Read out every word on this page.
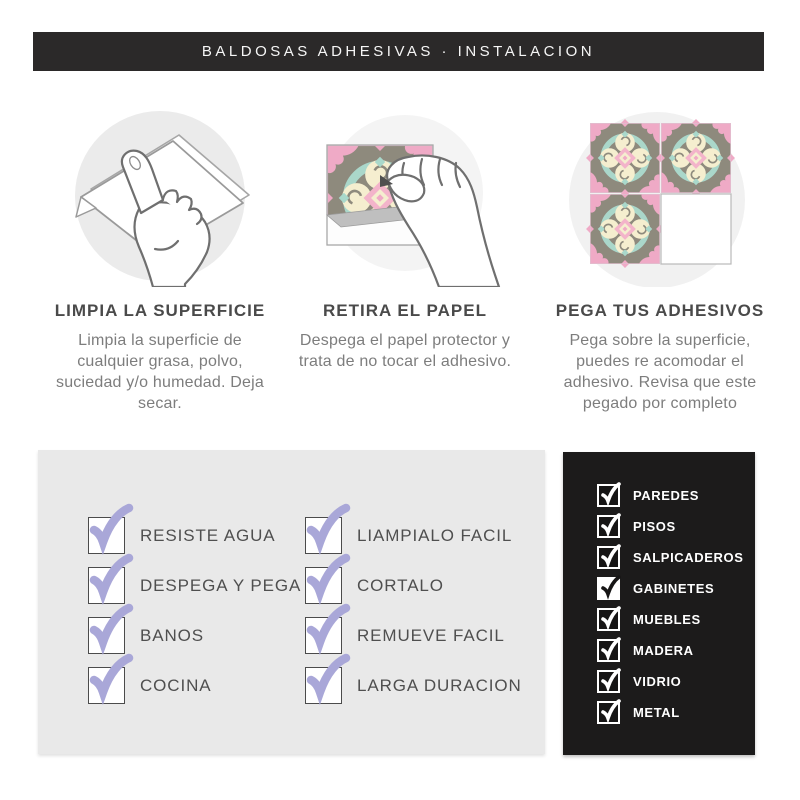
BALDOSAS ADHESIVAS · INSTALACION
LIMPIA LA SUPERFICIE
Limpia la superficie de cualquier grasa, polvo, suciedad y/o humedad. Deja secar.
RETIRA EL PAPEL
Despega el papel protector y trata de no tocar el adhesivo.
PEGA TUS ADHESIVOS
Pega sobre la superficie, puedes re acomodar el adhesivo. Revisa que este pegado por completo
RESISTE AGUA	LIAMPIALO FACIL
DESPEGA Y PEGA	CORTALO
BANOS	REMUEVE FACIL
COCINA	LARGA DURACION
PAREDES
PISOS
SALPICADEROS
GABINETES
MUEBLES
MADERA
VIDRIO
METAL
